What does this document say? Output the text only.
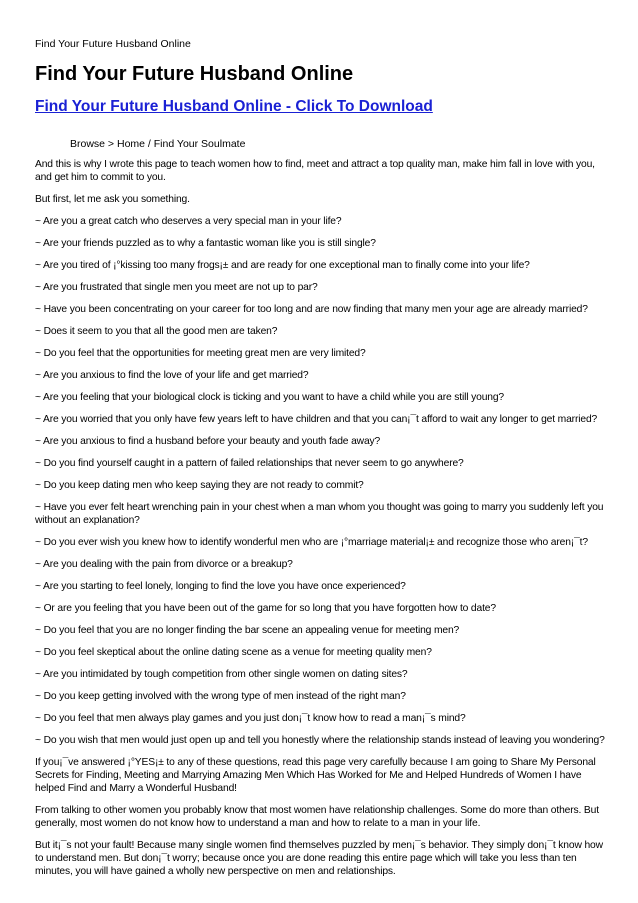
Find Your Future Husband Online
Find Your Future Husband Online
Find Your Future Husband Online - Click To Download
Browse > Home / Find Your Soulmate

And this is why I wrote this page to teach women how to find, meet and attract a top quality man, make him fall in love with you, and get him to commit to you.

But first, let me ask you something.

~ Are you a great catch who deserves a very special man in your life?

~ Are your friends puzzled as to why a fantastic woman like you is still single?

~ Are you tired of ¡°kissing too many frogs¡± and are ready for one exceptional man to finally come into your life?

~ Are you frustrated that single men you meet are not up to par?

~ Have you been concentrating on your career for too long and are now finding that many men your age are already married?

~ Does it seem to you that all the good men are taken?

~ Do you feel that the opportunities for meeting great men are very limited?

~ Are you anxious to find the love of your life and get married?

~ Are you feeling that your biological clock is ticking and you want to have a child while you are still young?

~ Are you worried that you only have few years left to have children and that you can¡¯t afford to wait any longer to get married?

~ Are you anxious to find a husband before your beauty and youth fade away?

~ Do you find yourself caught in a pattern of failed relationships that never seem to go anywhere?

~ Do you keep dating men who keep saying they are not ready to commit?

~ Have you ever felt heart wrenching pain in your chest when a man whom you thought was going to marry you suddenly left you without an explanation?

~ Do you ever wish you knew how to identify wonderful men who are ¡°marriage material¡± and recognize those who aren¡¯t?

~ Are you dealing with the pain from divorce or a breakup?

~ Are you starting to feel lonely, longing to find the love you have once experienced?

~ Or are you feeling that you have been out of the game for so long that you have forgotten how to date?

~ Do you feel that you are no longer finding the bar scene an appealing venue for meeting men?

~ Do you feel skeptical about the online dating scene as a venue for meeting quality men?

~ Are you intimidated by tough competition from other single women on dating sites?

~ Do you keep getting involved with the wrong type of men instead of the right man?

~ Do you feel that men always play games and you just don¡¯t know how to read a man¡¯s mind?

~ Do you wish that men would just open up and tell you honestly where the relationship stands instead of leaving you wondering?

If you¡¯ve answered ¡°YES¡± to any of these questions, read this page very carefully because I am going to Share My Personal Secrets for Finding, Meeting and Marrying Amazing Men Which Has Worked for Me and Helped Hundreds of Women I have helped Find and Marry a Wonderful Husband!

From talking to other women you probably know that most women have relationship challenges. Some do more than others. But generally, most women do not know how to understand a man and how to relate to a man in your life.

But it¡¯s not your fault! Because many single women find themselves puzzled by men¡¯s behavior. They simply don¡¯t know how to understand men. But don¡¯t worry; because once you are done reading this entire page which will take you less than ten minutes, you will have gained a wholly new perspective on men and relationships.
